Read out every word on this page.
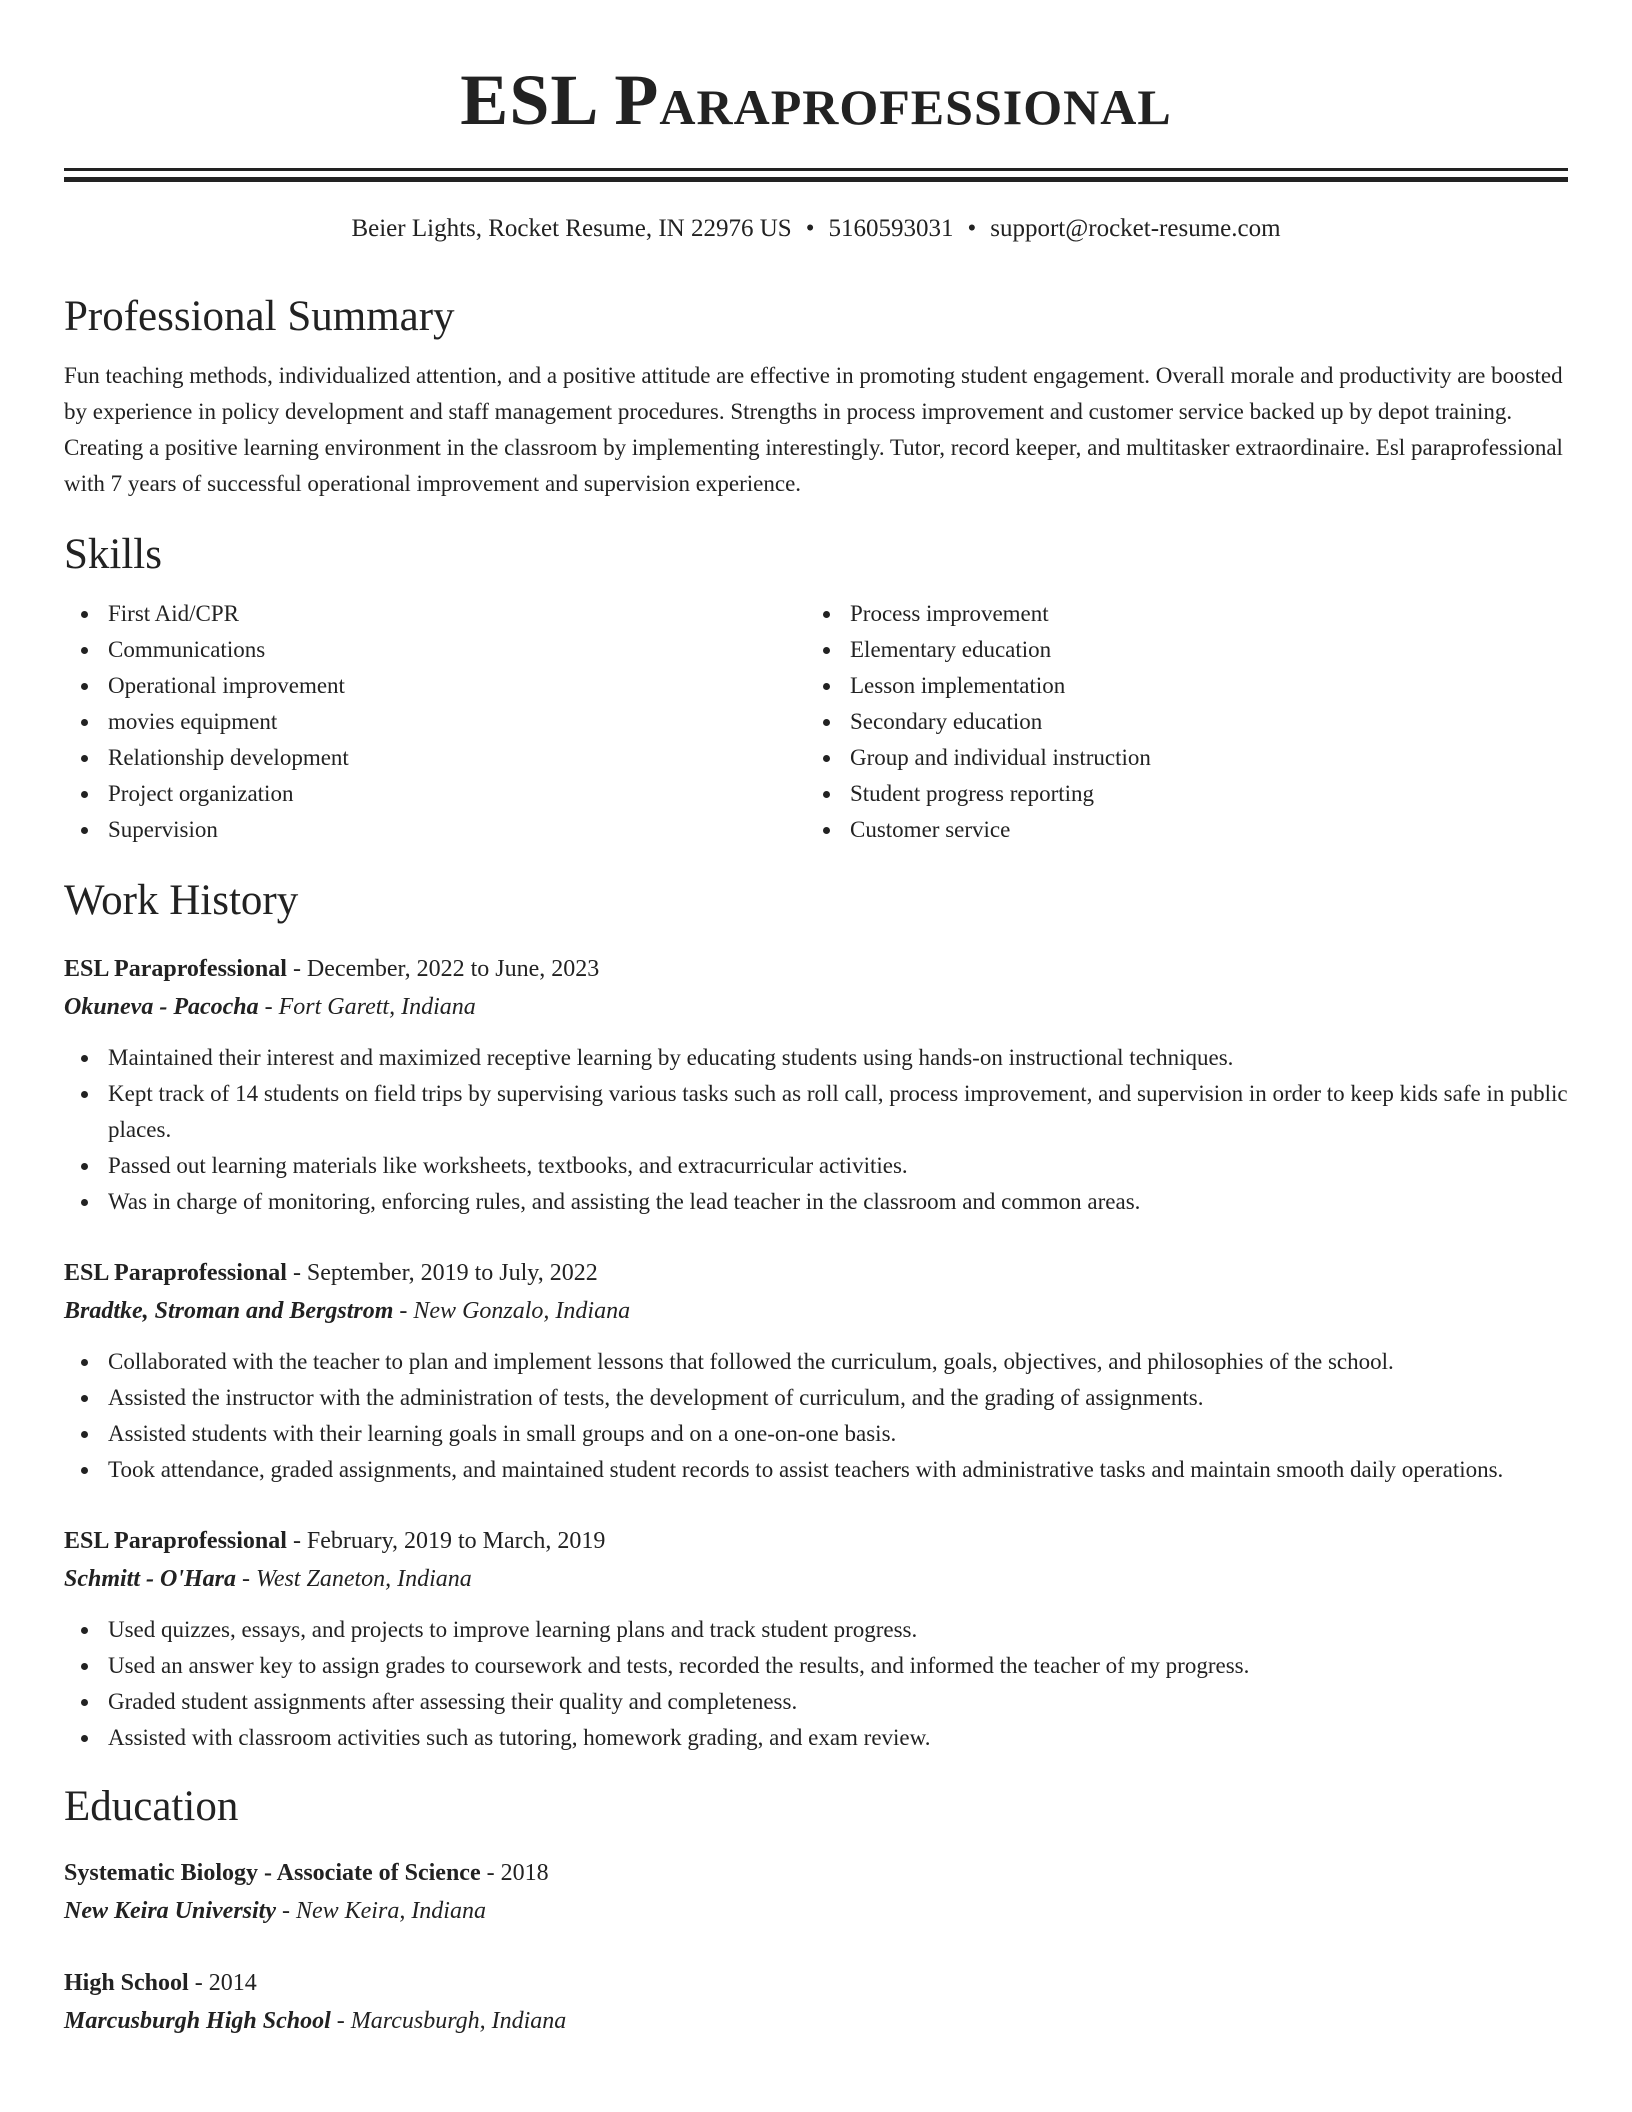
ESL Paraprofessional
Beier Lights, Rocket Resume, IN 22976 US • 5160593031 • support@rocket-resume.com
Professional Summary
Fun teaching methods, individualized attention, and a positive attitude are effective in promoting student engagement. Overall morale and productivity are boosted by experience in policy development and staff management procedures. Strengths in process improvement and customer service backed up by depot training. Creating a positive learning environment in the classroom by implementing interestingly. Tutor, record keeper, and multitasker extraordinaire. Esl paraprofessional with 7 years of successful operational improvement and supervision experience.
Skills
First Aid/CPR
Communications
Operational improvement
movies equipment
Relationship development
Project organization
Supervision
Process improvement
Elementary education
Lesson implementation
Secondary education
Group and individual instruction
Student progress reporting
Customer service
Work History
ESL Paraprofessional - December, 2022 to June, 2023
Okuneva - Pacocha - Fort Garett, Indiana
Maintained their interest and maximized receptive learning by educating students using hands-on instructional techniques.
Kept track of 14 students on field trips by supervising various tasks such as roll call, process improvement, and supervision in order to keep kids safe in public places.
Passed out learning materials like worksheets, textbooks, and extracurricular activities.
Was in charge of monitoring, enforcing rules, and assisting the lead teacher in the classroom and common areas.
ESL Paraprofessional - September, 2019 to July, 2022
Bradtke, Stroman and Bergstrom - New Gonzalo, Indiana
Collaborated with the teacher to plan and implement lessons that followed the curriculum, goals, objectives, and philosophies of the school.
Assisted the instructor with the administration of tests, the development of curriculum, and the grading of assignments.
Assisted students with their learning goals in small groups and on a one-on-one basis.
Took attendance, graded assignments, and maintained student records to assist teachers with administrative tasks and maintain smooth daily operations.
ESL Paraprofessional - February, 2019 to March, 2019
Schmitt - O'Hara - West Zaneton, Indiana
Used quizzes, essays, and projects to improve learning plans and track student progress.
Used an answer key to assign grades to coursework and tests, recorded the results, and informed the teacher of my progress.
Graded student assignments after assessing their quality and completeness.
Assisted with classroom activities such as tutoring, homework grading, and exam review.
Education
Systematic Biology - Associate of Science - 2018
New Keira University - New Keira, Indiana
High School - 2014
Marcusburgh High School - Marcusburgh, Indiana
